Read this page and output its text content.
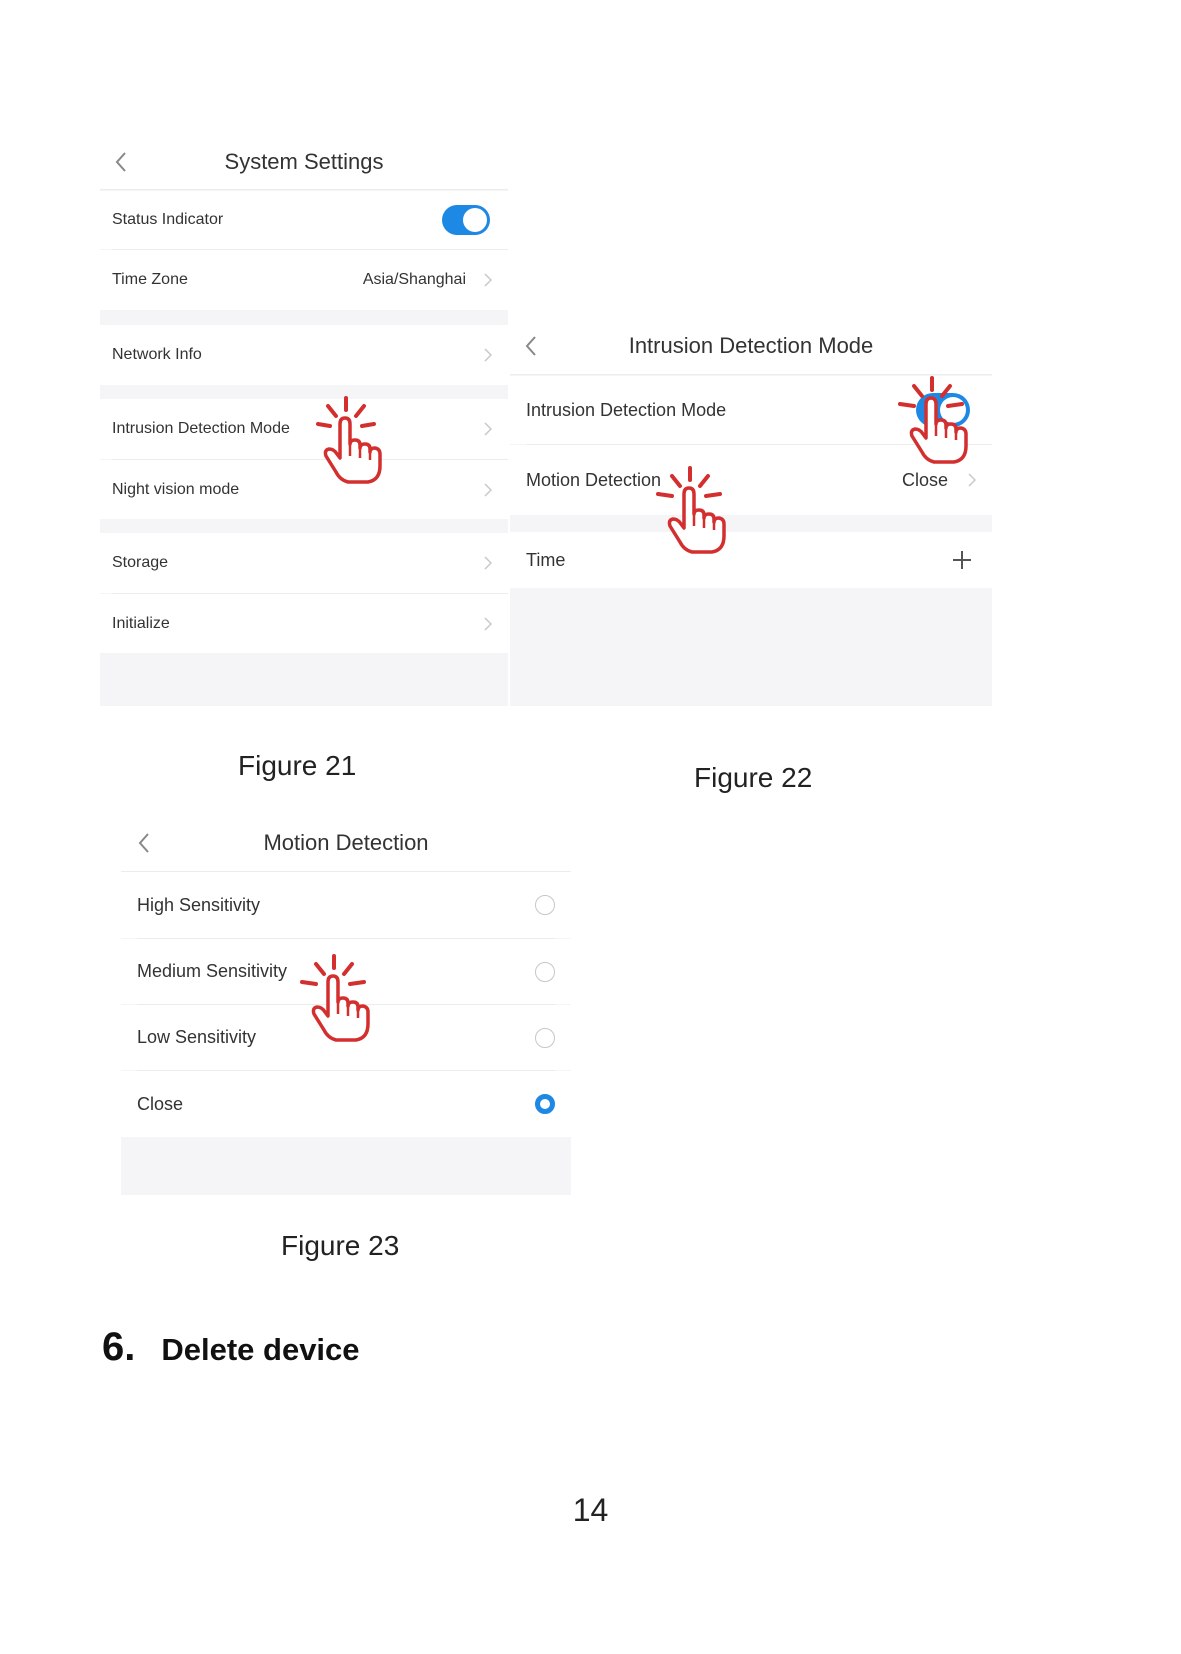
System Settings
Status Indicator
Time Zone	Asia/Shanghai
Network Info
Intrusion Detection Mode
Night vision mode
Storage
Initialize
Intrusion Detection Mode
Intrusion Detection Mode
Motion Detection	Close
Time
Motion Detection
High Sensitivity
Medium Sensitivity
Low Sensitivity
Close
Figure 21	Figure 22
Figure 23
6. Delete device
14
